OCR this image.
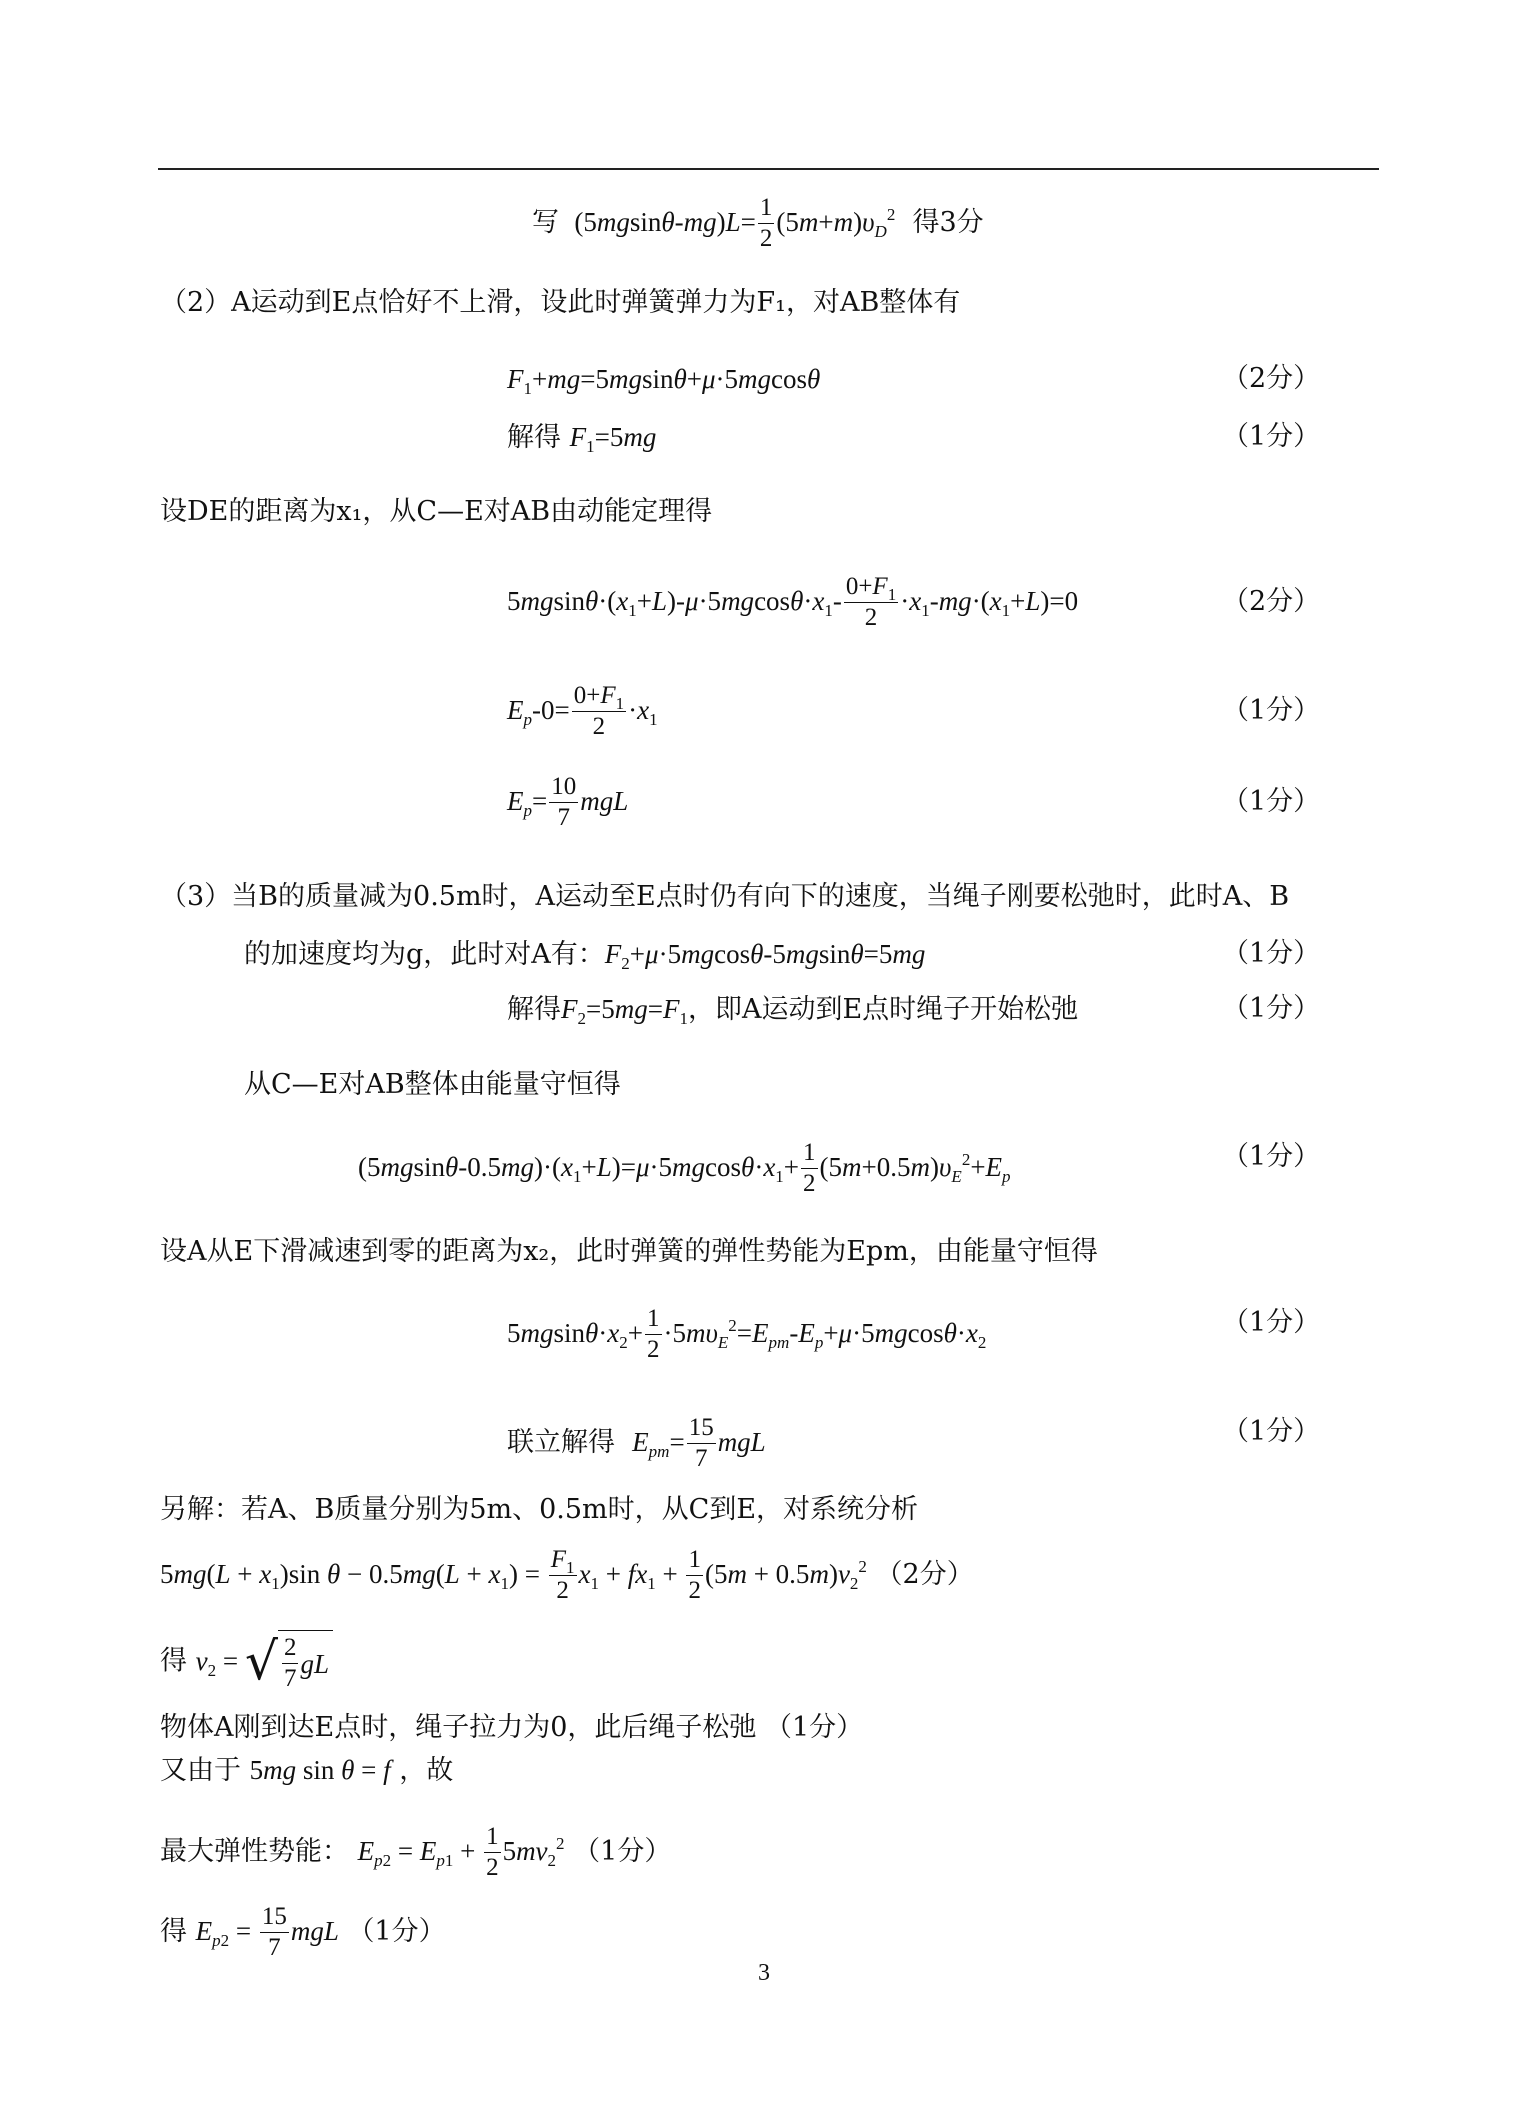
写  $(5mgsin\theta-mg)L= \frac{1}{2} (5m+m)\upsilon_D^2$ 得3分
（2）A运动到E点恰好不上滑，设此时弹簧弹力为F₁，对AB整体有
$F_1+mg=5mgsin\theta+\mu\cdot 5mgcos\theta$	（2分）
解得 $F_1=5mg$	（1分）
设DE的距离为x₁，从C—E对AB由动能定理得
$5mgsin\theta\cdot(x_1+L)-\mu\cdot 5mgcos\theta\cdot x_1- \frac{0+F_1}{2} \cdot x_1-mg\cdot(x_1+L)=0$	（2分）
$E_p-0= \frac{0+F_1}{2} \cdot x_1$	（1分）
$E_p= \frac{10}{7}$ mgL	（1分）
（3）当B的质量减为0.5m时，A运动至E点时仍有向下的速度，当绳子刚要松弛时，此时A、B
的加速度均为g，此时对A有：$F_2+\mu\cdot 5mgcos\theta-5mgsin\theta=5mg$	（1分）
解得$F_2=5mg=F_1$，即A运动到E点时绳子开始松弛	（1分）
从C—E对AB整体由能量守恒得
$(5mgsin\theta-0.5mg)\cdot(x_1+L)=\mu\cdot 5mgcos\theta\cdot x_1+ \frac{1}{2} (5m+0.5m)\upsilon_E^2+E_p$
（1分）
设A从E下滑减速到零的距离为x₂，此时弹簧的弹性势能为Epm，由能量守恒得
$5mgsin\theta\cdot x_2+ \frac{1}{2} \cdot 5m\upsilon_E^2=E_{pm}-E_p+\mu\cdot 5mgcos\theta\cdot x_2$
（1分）
联立解得 $E_{pm}= \frac{15}{7}$ mgL	（1分）
另解：若A、B质量分别为5m、0.5m时，从C到E，对系统分析
$5mg(L + x_1)\sin$ $\theta - 0.5mg(L + x_1) = \frac{F_1}{2} x_1 + fx_1 + \frac{1}{2} (5m + 0.5m)v_2^2$ （2分）
得 $v_2$ = √ $\frac{2}{7}$ gL
物体A刚到达E点时，绳子拉力为0，此后绳子松弛 （1分）
又由于 5mg sin θ = f ，故
最大弹性势能： $E_{p2} = E_{p1} + \frac{1}{2} 5mv_2^2$ （1分）
得 $E_{p2} = \frac{15}{7}$ mgL （1分）
3
